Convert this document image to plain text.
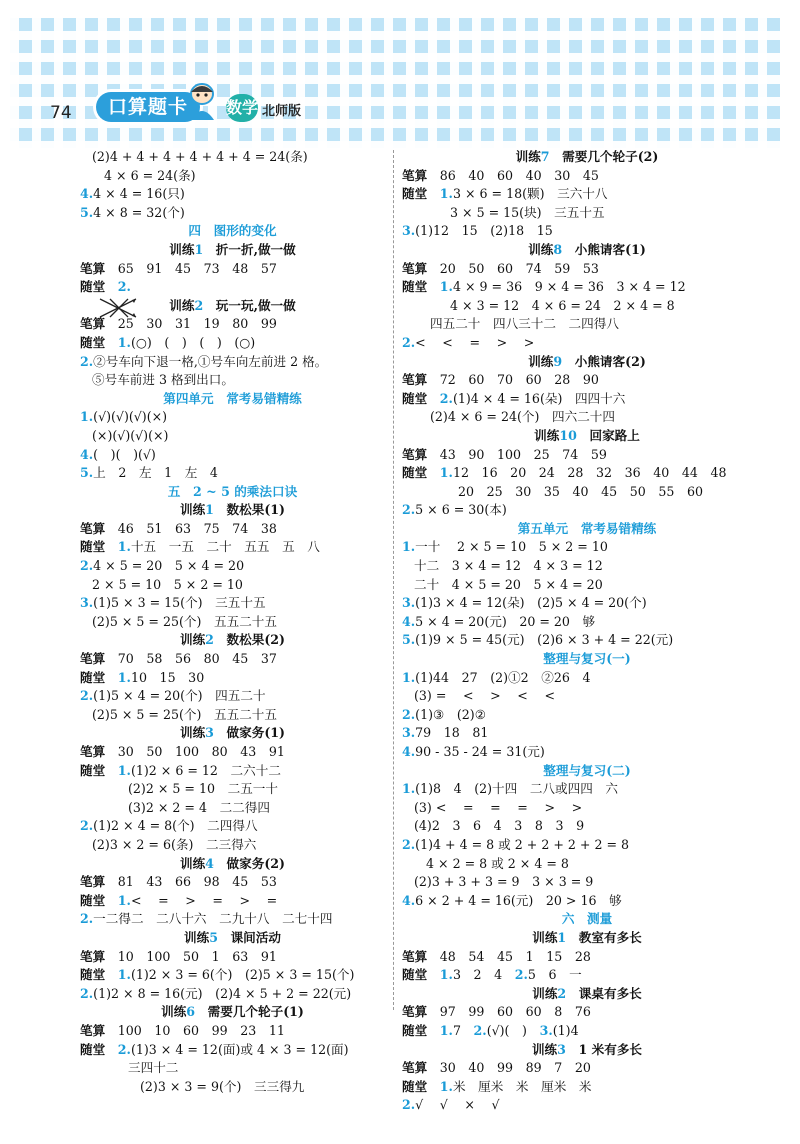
74	口算题卡	数学 北师版
(2)4 + 4 + 4 + 4 + 4 + 4 = 24(条)
4 × 6 = 24(条)
4.4 × 4 = 16(只)
5.4 × 8 = 32(个)
四　图形的变化
训练1　折一折,做一做
笔算　 65　91　45　73　48　57
随堂　 2.

训练2　玩一玩,做一做
笔算　 25　30　31　19　80　99
随堂　 1.(○)　(　)　(　)　(○)
2.②号车向下退一格,①号车向左前进 2 格。
⑤号车前进 3 格到出口。
第四单元　常考易错精练
1.(√)(√)(√)(×)
(×)(√)(√)(×)
4.(　)(　)(√)
5.上　2　左　1　左　4
五　2 ~ 5 的乘法口诀
训练1　数松果(1)
笔算　 46　51　63　75　74　38
随堂　 1.十五　一五　二十　五五　五　八
2.4 × 5 = 20　5 × 4 = 20
2 × 5 = 10　5 × 2 = 10
3.(1)5 × 3 = 15(个)　三五十五
(2)5 × 5 = 25(个)　五五二十五
训练2　数松果(2)
笔算　 70　58　56　80　45　37
随堂　 1.10　15　30
2.(1)5 × 4 = 20(个)　四五二十
(2)5 × 5 = 25(个)　五五二十五
训练3　做家务(1)
笔算　 30　50　100　80　43　91
随堂　 1.(1)2 × 6 = 12　二六十二
(2)2 × 5 = 10　二五一十
(3)2 × 2 = 4　二二得四
2.(1)2 × 4 = 8(个)　二四得八
(2)3 × 2 = 6(条)　二三得六
训练4　做家务(2)
笔算　 81　43　66　98　45　53
随堂　 1.<　 =　 >　 =　 >　 =
2.一二得二　二八十六　二九十八　二七十四
训练5　课间活动
笔算　 10　100　50　1　63　91
随堂　 1.(1)2 × 3 = 6(个)　(2)5 × 3 = 15(个)
2.(1)2 × 8 = 16(元)　(2)4 × 5 + 2 = 22(元)
训练6　需要几个轮子(1)
笔算　 100　10　60　99　23　11
随堂　 2.(1)3 × 4 = 12(面)或 4 × 3 = 12(面)
三四十二
(2)3 × 3 = 9(个)　三三得九
训练7　需要几个轮子(2)
笔算　 86　40　60　40　30　45
随堂　 1.3 × 6 = 18(颗)　三六十八
3 × 5 = 15(块)　三五十五
3.(1)12　15　(2)18　15
训练8　小熊请客(1)
笔算　 20　50　60　74　59　53
随堂　 1.4 × 9 = 36　9 × 4 = 36　3 × 4 = 12
4 × 3 = 12　4 × 6 = 24　2 × 4 = 8
四五二十　四八三十二　二四得八
2.<　 <　 =　 >　 >
训练9　小熊请客(2)
笔算　 72　60　70　60　28　90
随堂　 2.(1)4 × 4 = 16(朵)　四四十六
(2)4 × 6 = 24(个)　四六二十四
训练10　回家路上
笔算　 43　90　100　25　74　59
随堂　 1.12　16　20　24　28　32　36　40　44　48
20　25　30　35　40　45　50　55　60
2.5 × 6 = 30(本)
第五单元　常考易错精练
1.一十　 2 × 5 = 10　5 × 2 = 10
十二　3 × 4 = 12　4 × 3 = 12
二十　4 × 5 = 20　5 × 4 = 20
3.(1)3 × 4 = 12(朵)　(2)5 × 4 = 20(个)
4.5 × 4 = 20(元)　20 = 20　够
5.(1)9 × 5 = 45(元)　(2)6 × 3 + 4 = 22(元)
整理与复习(一)
1.(1)44　27　(2)①2　②26　4
(3) =　 <　 >　 <　 <
2.(1)③　(2)②
3.79　18　81
4.90 - 35 - 24 = 31(元)
整理与复习(二)
1.(1)8　4　(2)十四　二八或四四　六
(3) <　 =　 =　 =　 >　 >
(4)2　3　6　4　3　8　3　9
2.(1)4 + 4 = 8 或 2 + 2 + 2 + 2 = 8
4 × 2 = 8 或 2 × 4 = 8
(2)3 + 3 + 3 = 9　3 × 3 = 9
4.6 × 2 + 4 = 16(元)　20 > 16　够
六　测量
训练1　教室有多长
笔算　 48　54　45　1　15　28
随堂　 1.3　2　4　2.5　6　一
训练2　课桌有多长
笔算　 97　99　60　60　8　76
随堂　 1.7　2.(√)(　)　3.(1)4
训练3　1 米有多长
笔算　 30　40　99　89　7　20
随堂　 1.米　厘米　米　厘米　米
2.√　 √　 ×　 √
